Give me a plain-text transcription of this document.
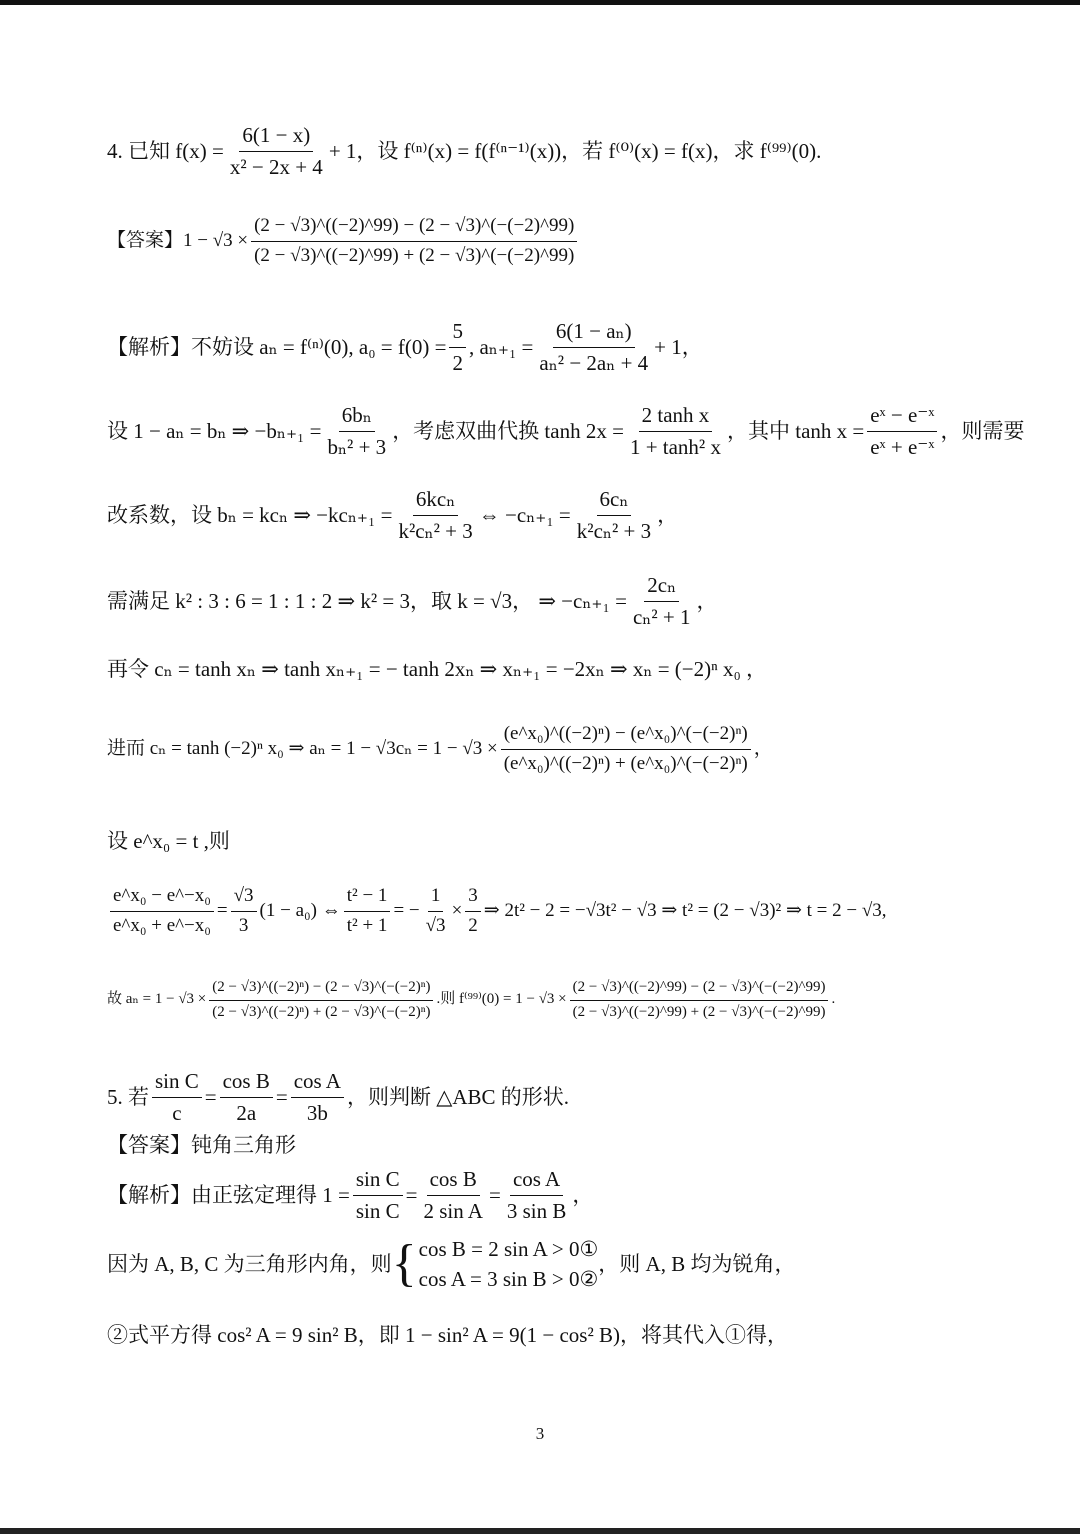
4. 已知 $f(x) = \frac{6(1 - x)}{\text{x² − 2x + 4}} + 1$，设 f⁽ⁿ⁾(x) = f(f⁽ⁿ⁻¹⁾(x))，若 f⁽⁰⁾(x) = f(x)，求 f⁽⁹⁹⁾(0).
【答案】$1 - √3 \times \frac{(2 - √3)\^{}((-2)\^{}99) - (2 - √3)\^{}(-(-2)\^{}99)}{(2 - √3)\^{}((-2)\^{}99) + (2 - √3)\^{}(-(-2)\^{}99)}$
【解析】不妨设 aₙ = f⁽ⁿ⁾(0), $a_0 = f(0) = \frac{5}{2}$ , $a_{n+1} = \frac{\text{6(1 − aₙ)}}{\text{aₙ² − 2aₙ + 4}} + 1$，
设 1 − aₙ = bₙ ⇒ $-b_{n+1} = \frac{\text{6bₙ}}{\text{bₙ² + 3}}$ ，考虑双曲代换 $\tanh 2x = \frac{\text{2 tanh x}}{\text{1 + tanh² x}}$ ，其中 $\tanh x = \frac{\text{eˣ − e⁻ˣ}}{\text{eˣ + e⁻ˣ}}$ ，则需要
改系数，设 bₙ = kcₙ ⇒ $-kc_{n+1} = \frac{\text{6kcₙ}}{\text{k²cₙ² + 3}}$ ⇔ $-c_{n+1} = \frac{\text{6cₙ}}{\text{k²cₙ² + 3}}$ ，
需满足 k² : 3 : 6 = 1 : 1 : 2 ⇒ k² = 3，取 k = √3， ⇒ $-c_{n+1} = \frac{\text{2cₙ}}{\text{cₙ² + 1}}$ ，
再令 cₙ = tanh xₙ ⇒ tanh xₙ₊₁ = − tanh 2xₙ ⇒ xₙ₊₁ = −2xₙ ⇒ xₙ = (−2)ⁿ x₀ ，
进而 cₙ = tanh (−2)ⁿ x₀ ⇒ $a_n = 1 - √3c_n = 1 - √3 \times \frac{\text{(e\textasciicircum{}x₀)\textasciicircum{}((−2)ⁿ) − (e\textasciicircum{}x₀)\textasciicircum{}(−(−2)ⁿ)}}{\text{(e\textasciicircum{}x₀)\textasciicircum{}((−2)ⁿ) + (e\textasciicircum{}x₀)\textasciicircum{}(−(−2)ⁿ)}}$ ，
设 e^x₀ = t ,则
$\frac{\text{e\textasciicircum{}x₀ − e\textasciicircum{}−x₀}}{\text{e\textasciicircum{}x₀ + e\textasciicircum{}−x₀}} = \frac{√3}{3} (1 - a_0)$ ⇔ $\frac{\text{t² − 1}}{\text{t² + 1}}$ = − $\frac{1}{√3} \times \frac{3}{2}$ ⇒ 2t² − 2 = −√3t² − √3 ⇒ t² = (2 − √3)² ⇒ t = 2 − √3,
故 $a_n = 1 - √3 \times \frac{\text{(2 − √3)\textasciicircum{}((−2)ⁿ) − (2 − √3)\textasciicircum{}(−(−2)ⁿ)}}{\text{(2 − √3)\textasciicircum{}((−2)ⁿ) + (2 − √3)\textasciicircum{}(−(−2)ⁿ)}}$ .则 $f^{(99)}(0) = 1 - √3 \times \frac{(2 - √3)\^{}((-2)\^{}99) - (2 - √3)\^{}(-(-2)\^{}99)}{(2 - √3)\^{}((-2)\^{}99) + (2 - √3)\^{}(-(-2)\^{}99)}$ .
5. 若 $\frac{\text{sin C}}{c} = \frac{\text{cos B}}{2a} = \frac{\text{cos A}}{3b}$ ，则判断 △ABC 的形状.
【答案】钝角三角形
【解析】由正弦定理得 $1 = \frac{\text{sin C}}{\text{sin C}} = \frac{\text{cos B}}{\text{2 sin A}} = \frac{\text{cos A}}{\text{3 sin B}}$ ，
因为 A, B, C 为三角形内角，则 { cos B = 2 sin A > 0①
cos A = 3 sin B > 0②
，则 A, B 均为锐角，
②式平方得 cos² A = 9 sin² B，即 1 − sin² A = 9(1 − cos² B)，将其代入①得，
3
